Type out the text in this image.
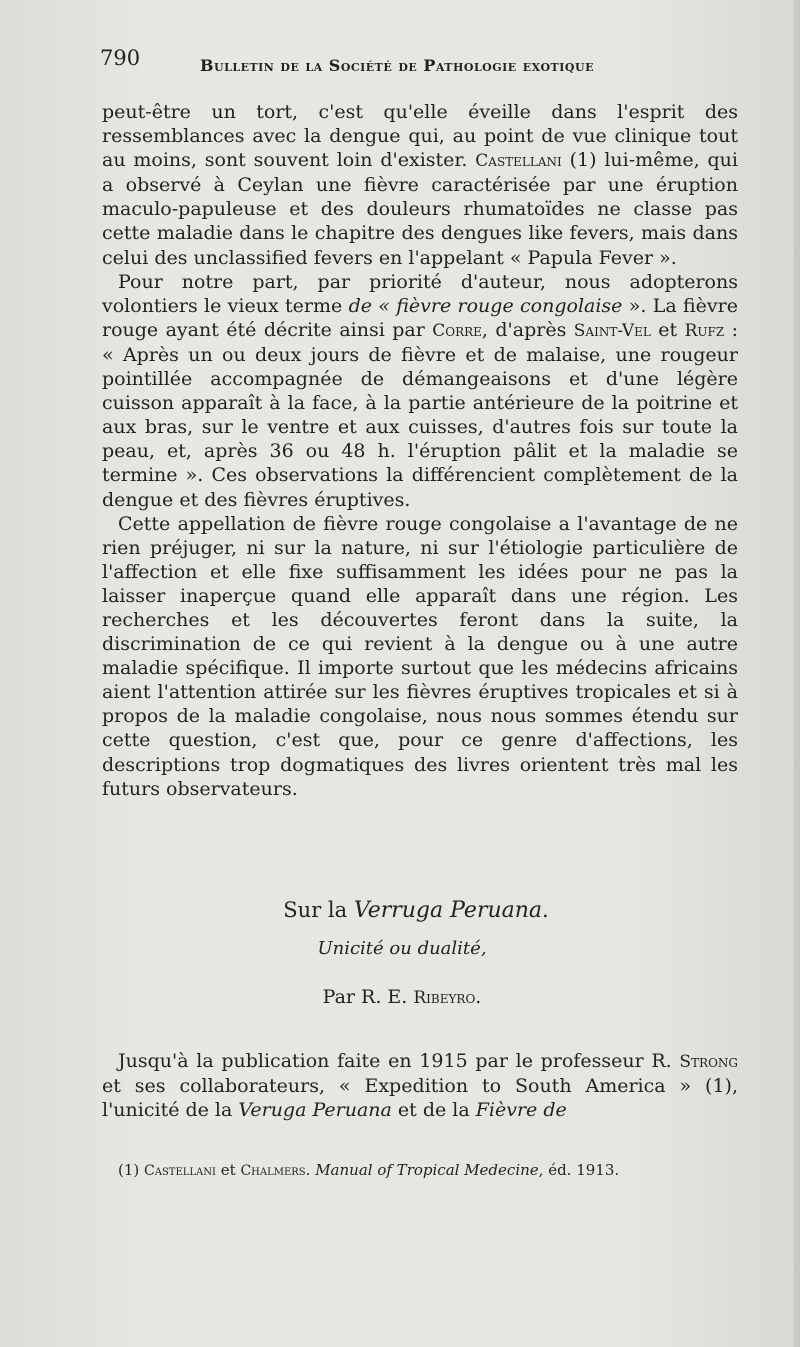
790	Bulletin de la Société de Pathologie exotique

peut-être un tort, c'est qu'elle éveille dans l'esprit des ressemblances avec la dengue qui, au point de vue clinique tout au moins, sont souvent loin d'exister. Castellani (1) lui-même, qui a observé à Ceylan une fièvre caractérisée par une éruption maculo-papuleuse et des douleurs rhumatoïdes ne classe pas cette maladie dans le chapitre des dengues like fevers, mais dans celui des unclassified fevers en l'appelant « Papula Fever ».

Pour notre part, par priorité d'auteur, nous adopterons volontiers le vieux terme de « fièvre rouge congolaise ». La fièvre rouge ayant été décrite ainsi par Corre, d'après Saint-Vel et Rufz : « Après un ou deux jours de fièvre et de malaise, une rougeur pointillée accompagnée de démangeaisons et d'une légère cuisson apparaît à la face, à la partie antérieure de la poitrine et aux bras, sur le ventre et aux cuisses, d'autres fois sur toute la peau, et, après 36 ou 48 h. l'éruption pâlit et la maladie se termine ». Ces observations la différencient complètement de la dengue et des fièvres éruptives.

Cette appellation de fièvre rouge congolaise a l'avantage de ne rien préjuger, ni sur la nature, ni sur l'étiologie particulière de l'affection et elle fixe suffisamment les idées pour ne pas la laisser inaperçue quand elle apparaît dans une région. Les recherches et les découvertes feront dans la suite, la discrimination de ce qui revient à la dengue ou à une autre maladie spécifique. Il importe surtout que les médecins africains aient l'attention attirée sur les fièvres éruptives tropicales et si à propos de la maladie congolaise, nous nous sommes étendu sur cette question, c'est que, pour ce genre d'affections, les descriptions trop dogmatiques des livres orientent très mal les futurs observateurs.

Sur la Verruga Peruana.
Unicité ou dualité,
Par R. E. Ribeyro.

Jusqu'à la publication faite en 1915 par le professeur R. Strong et ses collaborateurs, « Expedition to South America » (1), l'unicité de la Veruga Peruana et de la Fièvre de

(1) Castellani et Chalmers. Manual of Tropical Medecine, éd. 1913.
